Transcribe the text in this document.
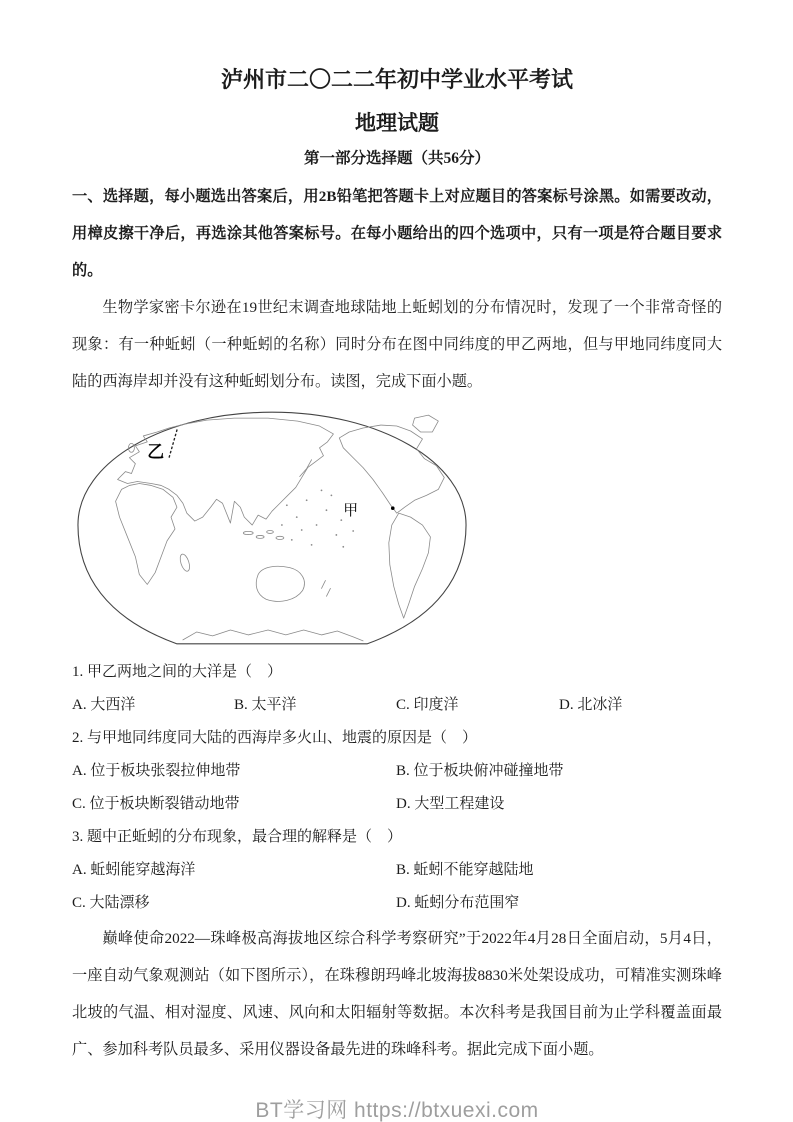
泸州市二〇二二年初中学业水平考试
地理试题
第一部分选择题（共56分）

一、选择题，每小题选出答案后，用2B铅笔把答题卡上对应题目的答案标号涂黑。如需要改动，用樟皮擦干净后，再选涂其他答案标号。在每小题给出的四个选项中，只有一项是符合题目要求的。

生物学家密卡尔逊在19世纪末调查地球陆地上蚯蚓划的分布情况时，发现了一个非常奇怪的现象：有一种蚯蚓（一种蚯蚓的名称）同时分布在图中同纬度的甲乙两地，但与甲地同纬度同大陆的西海岸却并没有这种蚯蚓划分布。读图，完成下面小题。

乙
甲

1. 甲乙两地之间的大洋是（　）

A. 大西洋	B. 太平洋	C. 印度洋	D. 北冰洋

2. 与甲地同纬度同大陆的西海岸多火山、地震的原因是（　）

A. 位于板块张裂拉伸地带	B. 位于板块俯冲碰撞地带
C. 位于板块断裂错动地带	D. 大型工程建设

3. 题中正蚯蚓的分布现象，最合理的解释是（　）

A. 蚯蚓能穿越海洋	B. 蚯蚓不能穿越陆地
C. 大陆漂移	D. 蚯蚓分布范围窄

巅峰使命2022—珠峰极高海拔地区综合科学考察研究”于2022年4月28日全面启动，5月4日，一座自动气象观测站（如下图所示），在珠穆朗玛峰北坡海拔8830米处架设成功，可精准实测珠峰北坡的气温、相对湿度、风速、风向和太阳辐射等数据。本次科考是我国目前为止学科覆盖面最广、参加科考队员最多、采用仪器设备最先进的珠峰科考。据此完成下面小题。

BT学习网 https://btxuexi.com
